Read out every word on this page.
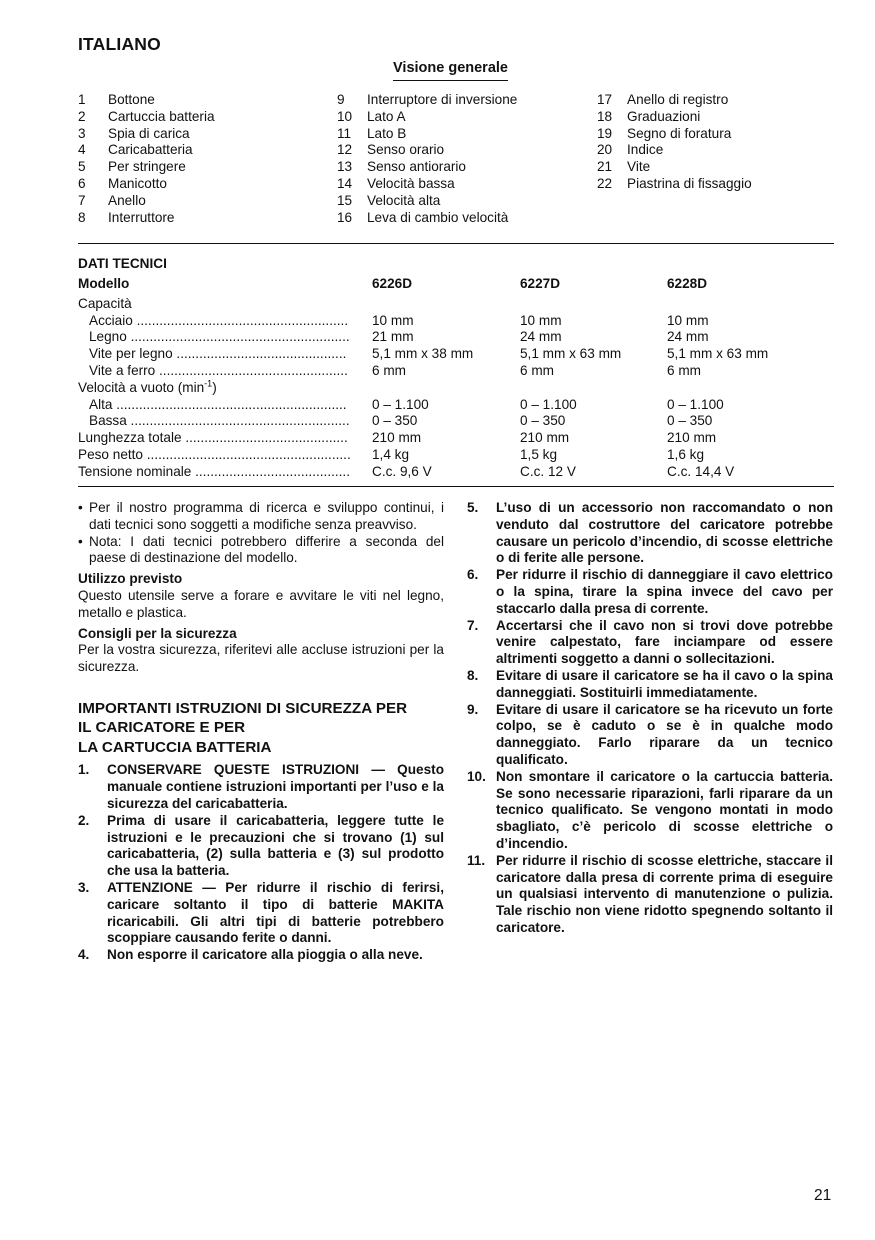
ITALIANO
Visione generale
1 Bottone
2 Cartuccia batteria
3 Spia di carica
4 Caricabatteria
5 Per stringere
6 Manicotto
7 Anello
8 Interruttore
9 Interruptore di inversione
10 Lato A
11 Lato B
12 Senso orario
13 Senso antiorario
14 Velocità bassa
15 Velocità alta
16 Leva di cambio velocità
17 Anello di registro
18 Graduazioni
19 Segno di foratura
20 Indice
21 Vite
22 Piastrina di fissaggio
DATI TECNICI
Modello	6226D	6227D	6228D
Capacità
Acciaio ........................................................	10 mm	10 mm	10 mm
Legno ..........................................................	21 mm	24 mm	24 mm
Vite per legno .............................................	5,1 mm x 38 mm	5,1 mm x 63 mm	5,1 mm x 63 mm
Vite a ferro ..................................................	6 mm	6 mm	6 mm
Velocità a vuoto $(\min^{-1})$
Alta .............................................................	0 – 1.100	0 – 1.100	0 – 1.100
Bassa ..........................................................	0 – 350	0 – 350	0 – 350
Lunghezza totale ...........................................	210 mm	210 mm	210 mm
Peso netto ......................................................	1,4 kg	1,5 kg	1,6 kg
Tensione nominale .........................................	C.c. 9,6 V	C.c. 12 V	C.c. 14,4 V
• Per il nostro programma di ricerca e sviluppo continui, i dati tecnici sono soggetti a modifiche senza preavviso.
• Nota: I dati tecnici potrebbero differire a seconda del paese di destinazione del modello.
Utilizzo previsto
Questo utensile serve a forare e avvitare le viti nel legno, metallo e plastica.
Consigli per la sicurezza
Per la vostra sicurezza, riferitevi alle accluse istruzioni per la sicurezza.
IMPORTANTI ISTRUZIONI DI SICUREZZA PER
IL CARICATORE E PER
LA CARTUCCIA BATTERIA
1. CONSERVARE QUESTE ISTRUZIONI — Questo manuale contiene istruzioni importanti per l’uso e la sicurezza del caricabatteria.
2. Prima di usare il caricabatteria, leggere tutte le istruzioni e le precauzioni che si trovano (1) sul caricabatteria, (2) sulla batteria e (3) sul prodotto che usa la batteria.
3. ATTENZIONE — Per ridurre il rischio di ferirsi, caricare soltanto il tipo di batterie MAKITA ricaricabili. Gli altri tipi di batterie potrebbero scoppiare causando ferite o danni.
4. Non esporre il caricatore alla pioggia o alla neve.
5. L’uso di un accessorio non raccomandato o non venduto dal costruttore del caricatore potrebbe causare un pericolo d’incendio, di scosse elettriche o di ferite alle persone.
6. Per ridurre il rischio di danneggiare il cavo elettrico o la spina, tirare la spina invece del cavo per staccarlo dalla presa di corrente.
7. Accertarsi che il cavo non si trovi dove potrebbe venire calpestato, fare inciampare od essere altrimenti soggetto a danni o sollecitazioni.
8. Evitare di usare il caricatore se ha il cavo o la spina danneggiati. Sostituirli immediatamente.
9. Evitare di usare il caricatore se ha ricevuto un forte colpo, se è caduto o se è in qualche modo danneggiato. Farlo riparare da un tecnico qualificato.
10. Non smontare il caricatore o la cartuccia batteria. Se sono necessarie riparazioni, farli riparare da un tecnico qualificato. Se vengono montati in modo sbagliato, c’è pericolo di scosse elettriche o d’incendio.
11. Per ridurre il rischio di scosse elettriche, staccare il caricatore dalla presa di corrente prima di eseguire un qualsiasi intervento di manutenzione o pulizia. Tale rischio non viene ridotto spegnendo soltanto il caricatore.
21
